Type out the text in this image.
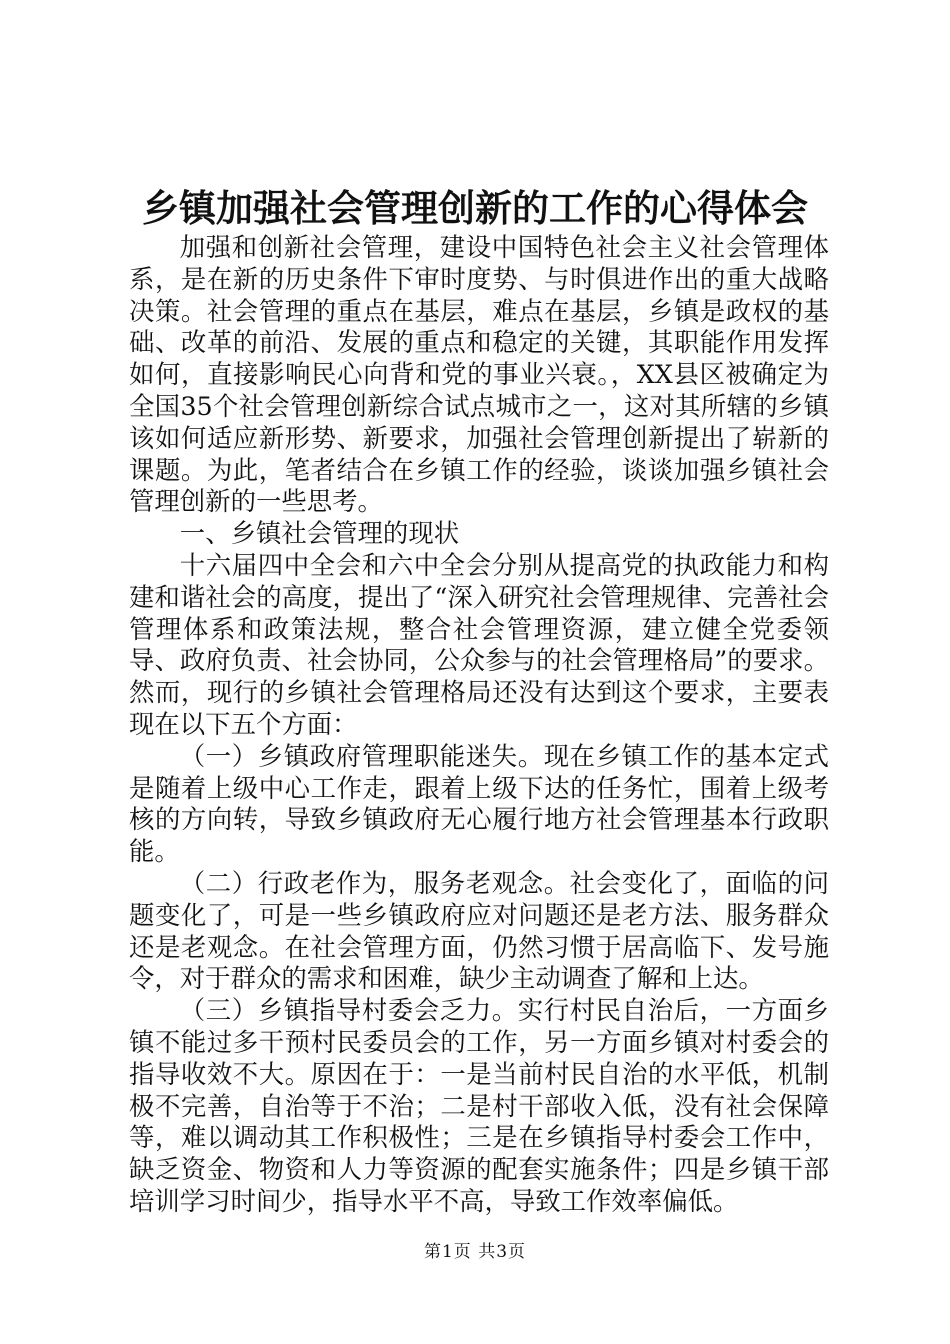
乡镇加强社会管理创新的工作的心得体会

加强和创新社会管理，建设中国特色社会主义社会管理体系，是在新的历史条件下审时度势、与时俱进作出的重大战略决策。社会管理的重点在基层，难点在基层，乡镇是政权的基础、改革的前沿、发展的重点和稳定的关键，其职能作用发挥如何，直接影响民心向背和党的事业兴衰。，XX县区被确定为全国35个社会管理创新综合试点城市之一，这对其所辖的乡镇该如何适应新形势、新要求，加强社会管理创新提出了崭新的课题。为此，笔者结合在乡镇工作的经验，谈谈加强乡镇社会管理创新的一些思考。

一、乡镇社会管理的现状

十六届四中全会和六中全会分别从提高党的执政能力和构建和谐社会的高度，提出了“深入研究社会管理规律、完善社会管理体系和政策法规，整合社会管理资源，建立健全党委领导、政府负责、社会协同，公众参与的社会管理格局”的要求。然而，现行的乡镇社会管理格局还没有达到这个要求，主要表现在以下五个方面：

（一）乡镇政府管理职能迷失。现在乡镇工作的基本定式是随着上级中心工作走，跟着上级下达的任务忙，围着上级考核的方向转，导致乡镇政府无心履行地方社会管理基本行政职能。

（二）行政老作为，服务老观念。社会变化了，面临的问题变化了，可是一些乡镇政府应对问题还是老方法、服务群众还是老观念。在社会管理方面，仍然习惯于居高临下、发号施令，对于群众的需求和困难，缺少主动调查了解和上达。

（三）乡镇指导村委会乏力。实行村民自治后，一方面乡镇不能过多干预村民委员会的工作，另一方面乡镇对村委会的指导收效不大。原因在于：一是当前村民自治的水平低，机制极不完善，自治等于不治；二是村干部收入低，没有社会保障等，难以调动其工作积极性；三是在乡镇指导村委会工作中，缺乏资金、物资和人力等资源的配套实施条件；四是乡镇干部培训学习时间少，指导水平不高，导致工作效率偏低。

第1页 共3页
